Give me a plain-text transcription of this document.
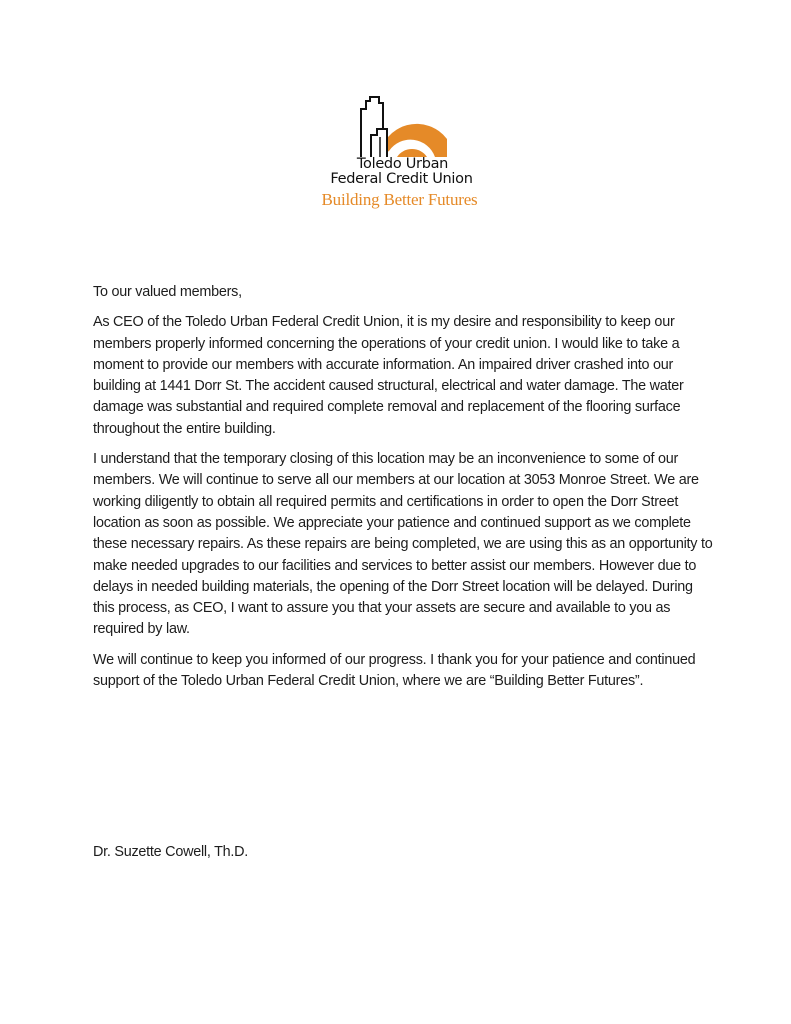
Toledo Urban
Federal Credit Union
Building Better Futures

To our valued members,

As CEO of the Toledo Urban Federal Credit Union, it is my desire and responsibility to keep our members properly informed concerning the operations of your credit union. I would like to take a moment to provide our members with accurate information. An impaired driver crashed into our building at 1441 Dorr St. The accident caused structural, electrical and water damage. The water damage was substantial and required complete removal and replacement of the flooring surface throughout the entire building.

I understand that the temporary closing of this location may be an inconvenience to some of our members. We will continue to serve all our members at our location at 3053 Monroe Street. We are working diligently to obtain all required permits and certifications in order to open the Dorr Street location as soon as possible. We appreciate your patience and continued support as we complete these necessary repairs. As these repairs are being completed, we are using this as an opportunity to make needed upgrades to our facilities and services to better assist our members. However due to delays in needed building materials, the opening of the Dorr Street location will be delayed. During this process, as CEO, I want to assure you that your assets are secure and available to you as required by law.

We will continue to keep you informed of our progress. I thank you for your patience and continued support of the Toledo Urban Federal Credit Union, where we are “Building Better Futures”.

Dr. Suzette Cowell, Th.D.
